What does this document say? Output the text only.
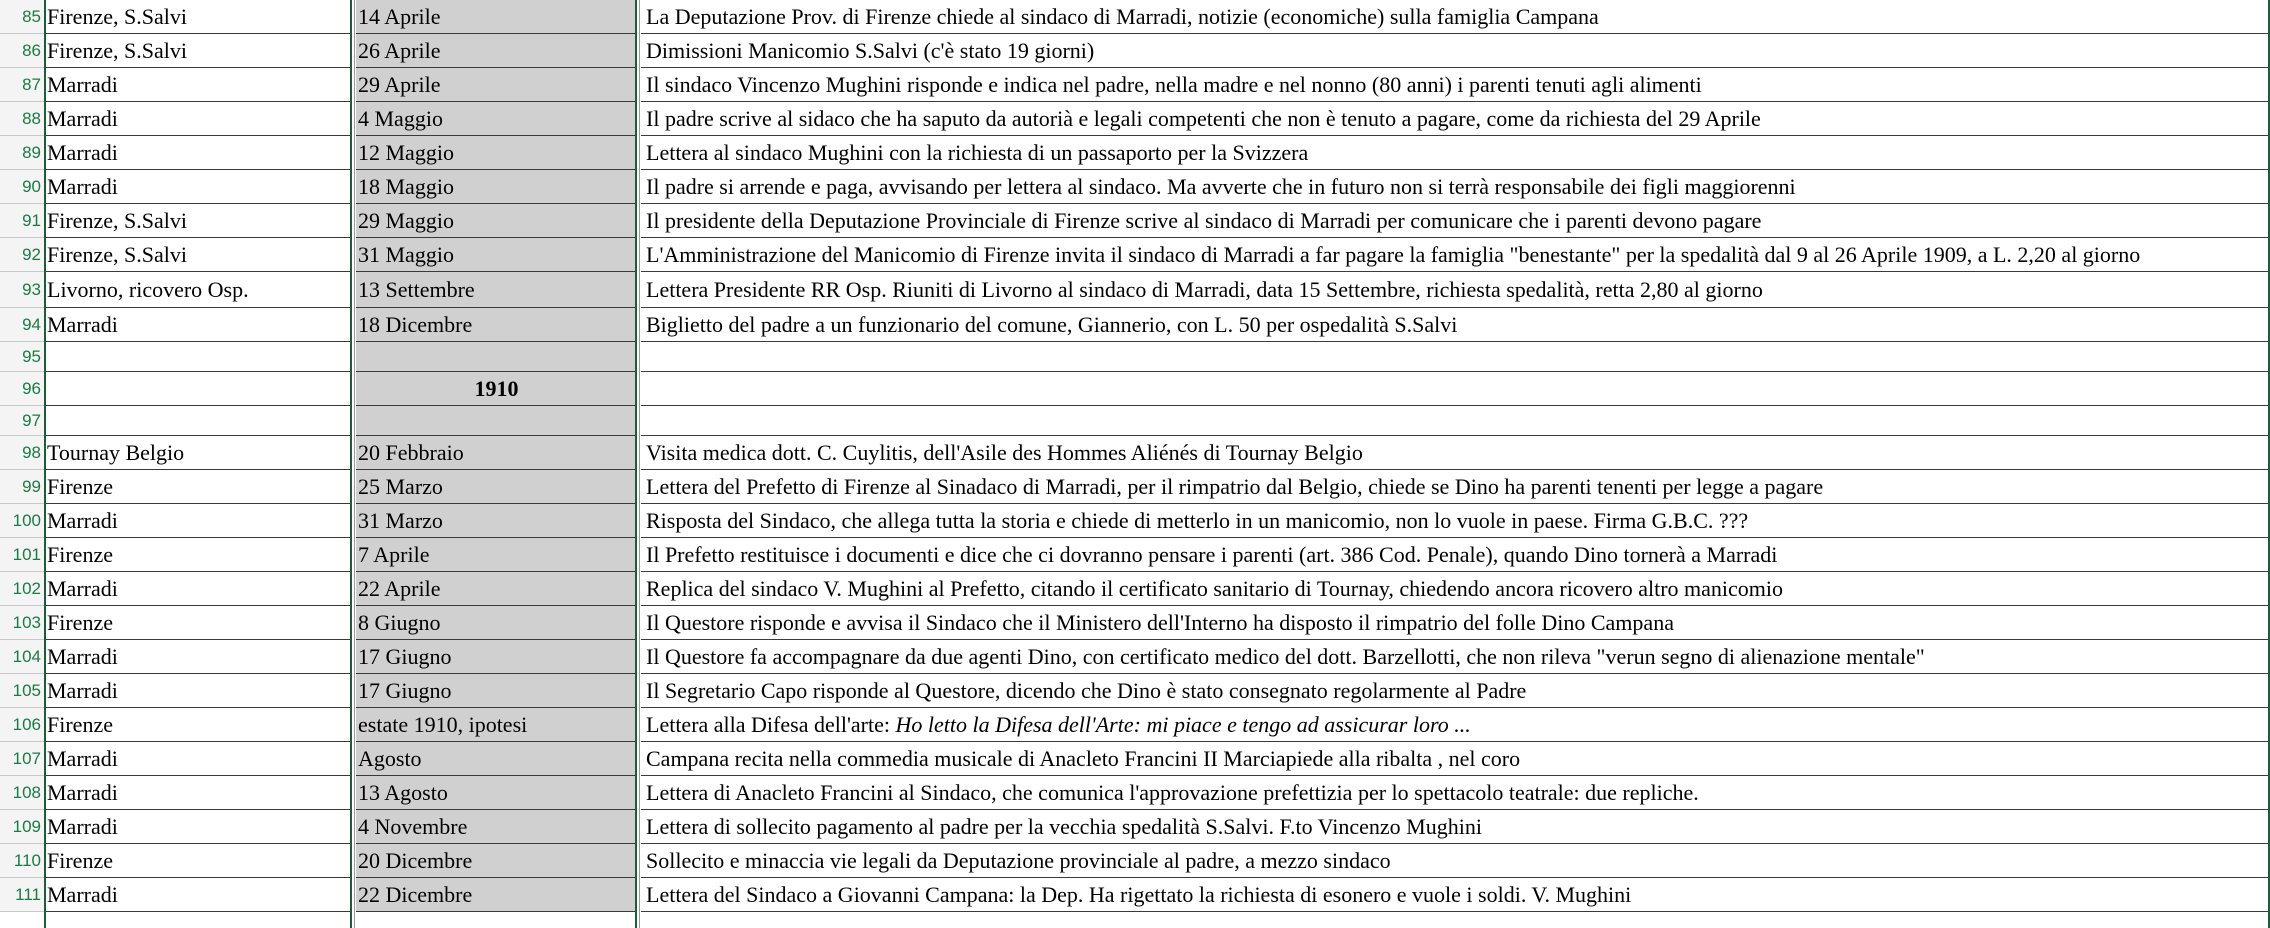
85 Firenze, S.Salvi	14 Aprile	La Deputazione Prov. di Firenze chiede al sindaco di Marradi, notizie (economiche) sulla famiglia Campana
86 Firenze, S.Salvi	26 Aprile	Dimissioni Manicomio S.Salvi (c'è stato 19 giorni)
87 Marradi	29 Aprile	Il sindaco Vincenzo Mughini risponde e indica nel padre, nella madre e nel nonno (80 anni) i parenti tenuti agli alimenti
88 Marradi	4 Maggio	Il padre scrive al sidaco che ha saputo da autorià e legali competenti che non è tenuto a pagare, come da richiesta del 29 Aprile
89 Marradi	12 Maggio	Lettera al sindaco Mughini con la richiesta di un passaporto per la Svizzera
90 Marradi	18 Maggio	Il padre si arrende e paga, avvisando per lettera al sindaco. Ma avverte che in futuro non si terrà responsabile dei figli maggiorenni
91 Firenze, S.Salvi	29 Maggio	Il presidente della Deputazione Provinciale di Firenze scrive al sindaco di Marradi per comunicare che i parenti devono pagare
92 Firenze, S.Salvi	31 Maggio	L'Amministrazione del Manicomio di Firenze invita il sindaco di Marradi a far pagare la famiglia "benestante" per la spedalità dal 9 al 26 Aprile 1909, a L. 2,20 al giorno
93 Livorno, ricovero Osp.	13 Settembre	Lettera Presidente RR Osp. Riuniti di Livorno al sindaco di Marradi, data 15 Settembre, richiesta spedalità, retta 2,80 al giorno
94 Marradi	18 Dicembre	Biglietto del padre a un funzionario del comune, Giannerio, con L. 50 per ospedalità S.Salvi
95
96	1910
97
98 Tournay Belgio	20 Febbraio	Visita medica dott. C. Cuylitis, dell'Asile des Hommes Aliénés di Tournay Belgio
99 Firenze	25 Marzo	Lettera del Prefetto di Firenze al Sinadaco di Marradi, per il rimpatrio dal Belgio, chiede se Dino ha parenti tenenti per legge a pagare
100 Marradi	31 Marzo	Risposta del Sindaco, che allega tutta la storia e chiede di metterlo in un manicomio, non lo vuole in paese. Firma G.B.C. ???
101 Firenze	7 Aprile	Il Prefetto restituisce i documenti e dice che ci dovranno pensare i parenti (art. 386 Cod. Penale), quando Dino tornerà a Marradi
102 Marradi	22 Aprile	Replica del sindaco V. Mughini al Prefetto, citando il certificato sanitario di Tournay, chiedendo ancora ricovero altro manicomio
103 Firenze	8 Giugno	Il Questore risponde e avvisa il Sindaco che il Ministero dell'Interno ha disposto il rimpatrio del folle Dino Campana
104 Marradi	17 Giugno	Il Questore fa accompagnare da due agenti Dino, con certificato medico del dott. Barzellotti, che non rileva "verun segno di alienazione mentale"
105 Marradi	17 Giugno	Il Segretario Capo risponde al Questore, dicendo che Dino è stato consegnato regolarmente al Padre
106 Firenze	estate 1910, ipotesi	Lettera alla Difesa dell'arte: Ho letto la Difesa dell'Arte: mi piace e tengo ad assicurar loro ...
107 Marradi	Agosto	Campana recita nella commedia musicale di Anacleto Francini II Marciapiede alla ribalta , nel coro
108 Marradi	13 Agosto	Lettera di Anacleto Francini al Sindaco, che comunica l'approvazione prefettizia per lo spettacolo teatrale: due repliche.
109 Marradi	4 Novembre	Lettera di sollecito pagamento al padre per la vecchia spedalità S.Salvi. F.to Vincenzo Mughini
110 Firenze	20 Dicembre	Sollecito e minaccia vie legali da Deputazione provinciale al padre, a mezzo sindaco
111 Marradi	22 Dicembre	Lettera del Sindaco a Giovanni Campana: la Dep. Ha rigettato la richiesta di esonero e vuole i soldi. V. Mughini
